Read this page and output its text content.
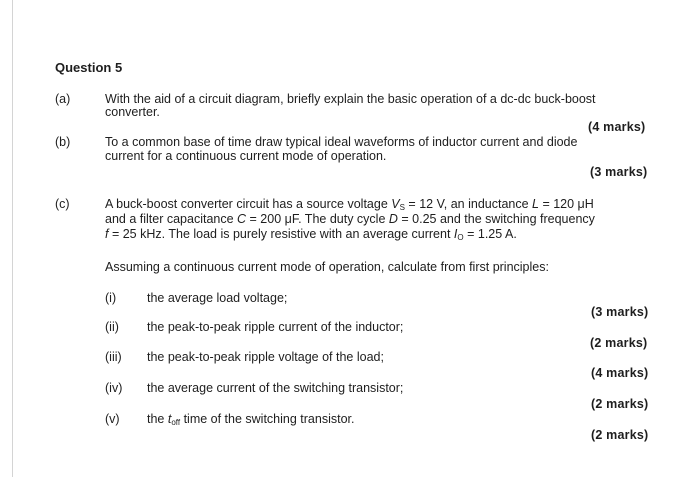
Question 5
(a)	With the aid of a circuit diagram, briefly explain the basic operation of a dc-dc buck-boost
converter.
(4 marks)
(b)	To a common base of time draw typical ideal waveforms of inductor current and diode
current for a continuous current mode of operation.
(3 marks)
(c)	A buck-boost converter circuit has a source voltage $V_S = 12$ V, an inductance L = 120 μH
and a filter capacitance C = 200 μF. The duty cycle D = 0.25 and the switching frequency
f = 25 kHz. The load is purely resistive with an average current $I_O = 1.25$ A.
Assuming a continuous current mode of operation, calculate from first principles:
(i) the average load voltage;
(3 marks)
(ii) the peak-to-peak ripple current of the inductor;
(2 marks)
(iii) the peak-to-peak ripple voltage of the load;
(4 marks)
(iv) the average current of the switching transistor;
(2 marks)
(v) the $t_{off}$ time of the switching transistor.
(2 marks)
